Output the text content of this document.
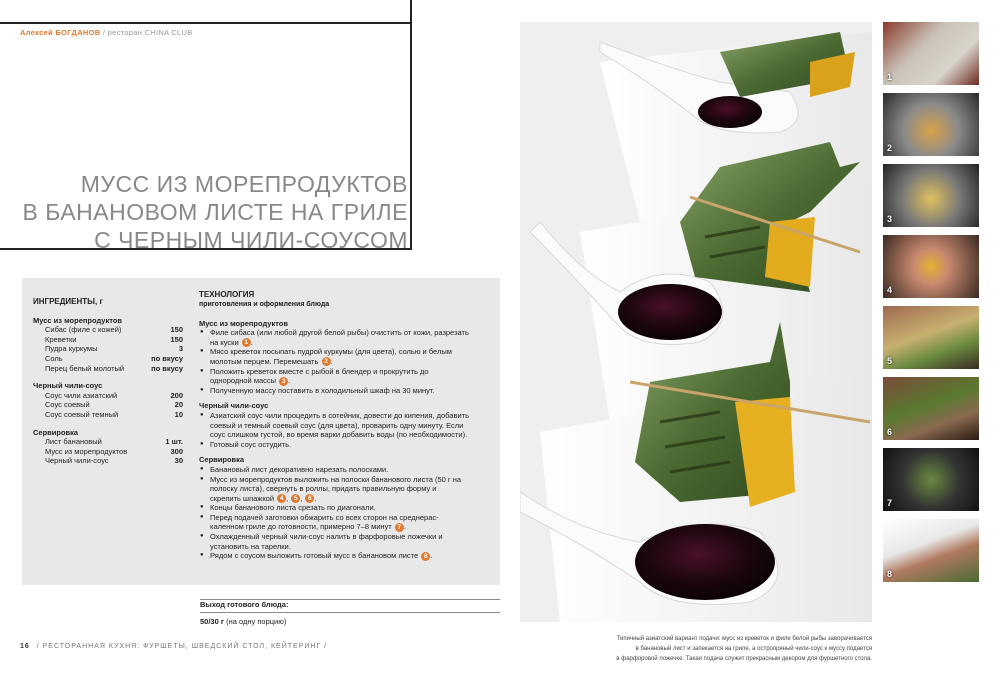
Алексей БОГДАНОВ / ресторан CHINA CLUB
МУСС ИЗ МОРЕПРОДУКТОВ
В БАНАНОВОМ ЛИСТЕ НА ГРИЛЕ
С ЧЕРНЫМ ЧИЛИ-СОУСОМ
ИНГРЕДИЕНТЫ, г
Мусс из морепродуктов
Сибас (филе с кожей)	150
Креветки	150
Пудра куркумы	3
Соль	по вкусу
Перец белый молотый	по вкусу
Черный чили-соус
Соус чили азиатский	200
Соус соевый	20
Соус соевый темный	10
Сервировка
Лист банановый	1 шт.
Мусс из морепродуктов	300
Черный чили-соус	30
ТЕХНОЛОГИЯ
приготовления и оформления блюда
Мусс из морепродуктов
● Филе сибаса (или любой другой белой рыбы) очистить от кожи, разрезать на куски 1 .
● Мясо креветок посыпать пудрой куркумы (для цвета), солью и белым молотым перцем. Перемешать 2 .
● Положить креветок вместе с рыбой в блендер и прокрутить до однородной массы 3 .
● Полученную массу поставить в холодильный шкаф на 30 минут.
Черный чили-соус
● Азиатский соус чили процедить в сотейник, довести до кипения, добавить соевый и темный соевый соус (для цвета), проварить одну минуту. Если соус слишком густой, во время варки добавить воды (по необходимости).
● Готовый соус остудить.
Сервировка
● Банановый лист декоративно нарезать полосками.
● Мусс из морепродуктов выложить на полоски бананового листа (50 г на полоску листа), свернуть в роллы, придать правильную форму и скрепить шпажкой 4 , 5 , 6 .
● Концы бананового листа срезать по диагонали.
● Перед подачей заготовки обжарить со всех сторон на среднераскаленном гриле до готовности, примерно 7–8 минут 7 .
● Охлажденный черный чили-соус налить в фарфоровые ложечки и установить на тарелки.
● Рядом с соусом выложить готовый мусс в банановом листе 8 .
Выход готового блюда:
50/30 г (на одну порцию)
16 / РЕСТОРАННАЯ КУХНЯ: ФУРШЕТЫ, ШВЕДСКИЙ СТОЛ, КЕЙТЕРИНГ /
Типичный азиатский вариант подачи: мусс из креветок и филе белой рыбы заворачивается
в банановый лист и запекается на гриле, а остропряный чили-соус к муссу подается
в фарфоровой ложечке. Такая подача служит прекрасным декором для фуршетного стола.
1
2
3
4
5
6
7
8
